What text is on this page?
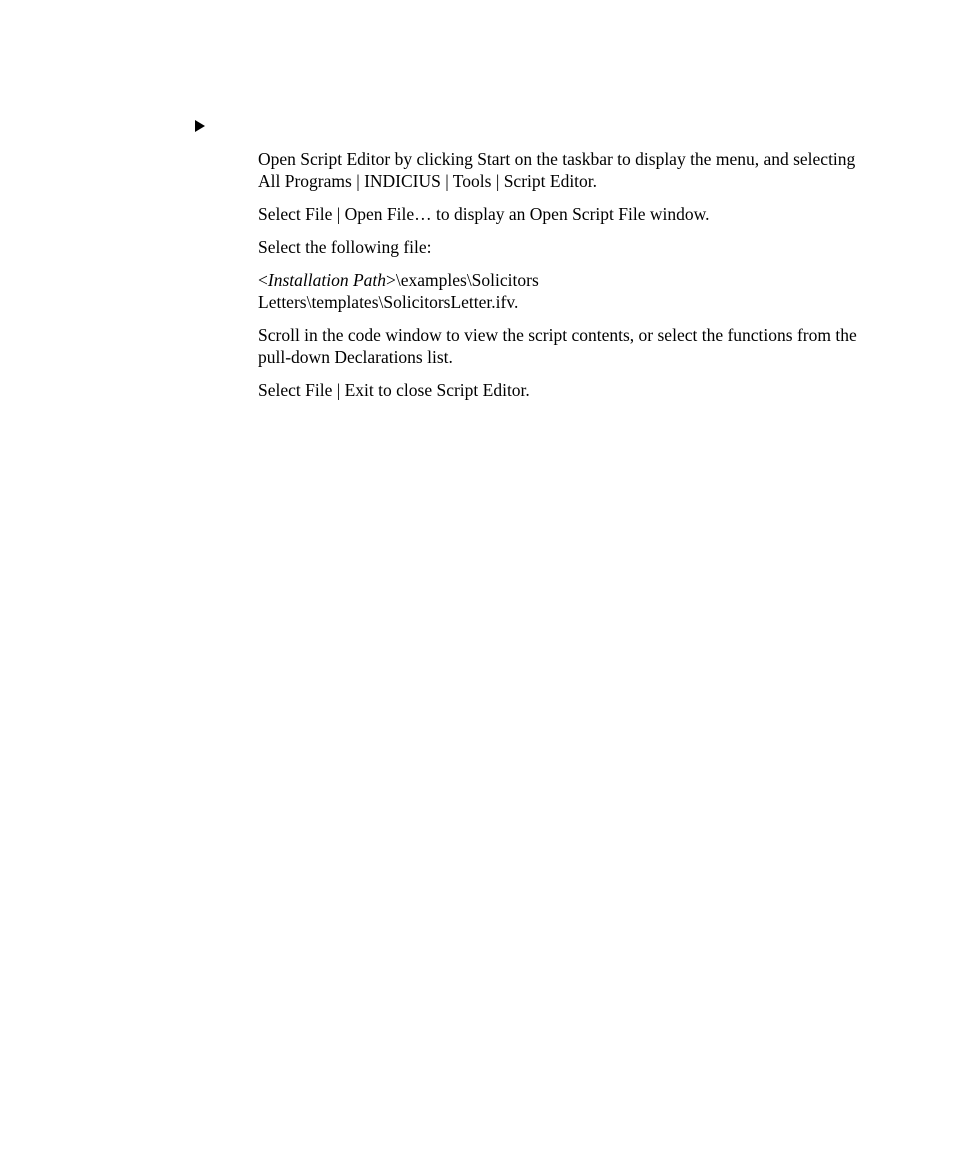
Open Script Editor by clicking Start on the taskbar to display the menu, and selecting All Programs | INDICIUS | Tools | Script Editor.
Select File | Open File… to display an Open Script File window.
Select the following file:
<Installation Path>\examples\Solicitors
Letters\templates\SolicitorsLetter.ifv.
Scroll in the code window to view the script contents, or select the functions from the pull-down Declarations list.
Select File | Exit to close Script Editor.
